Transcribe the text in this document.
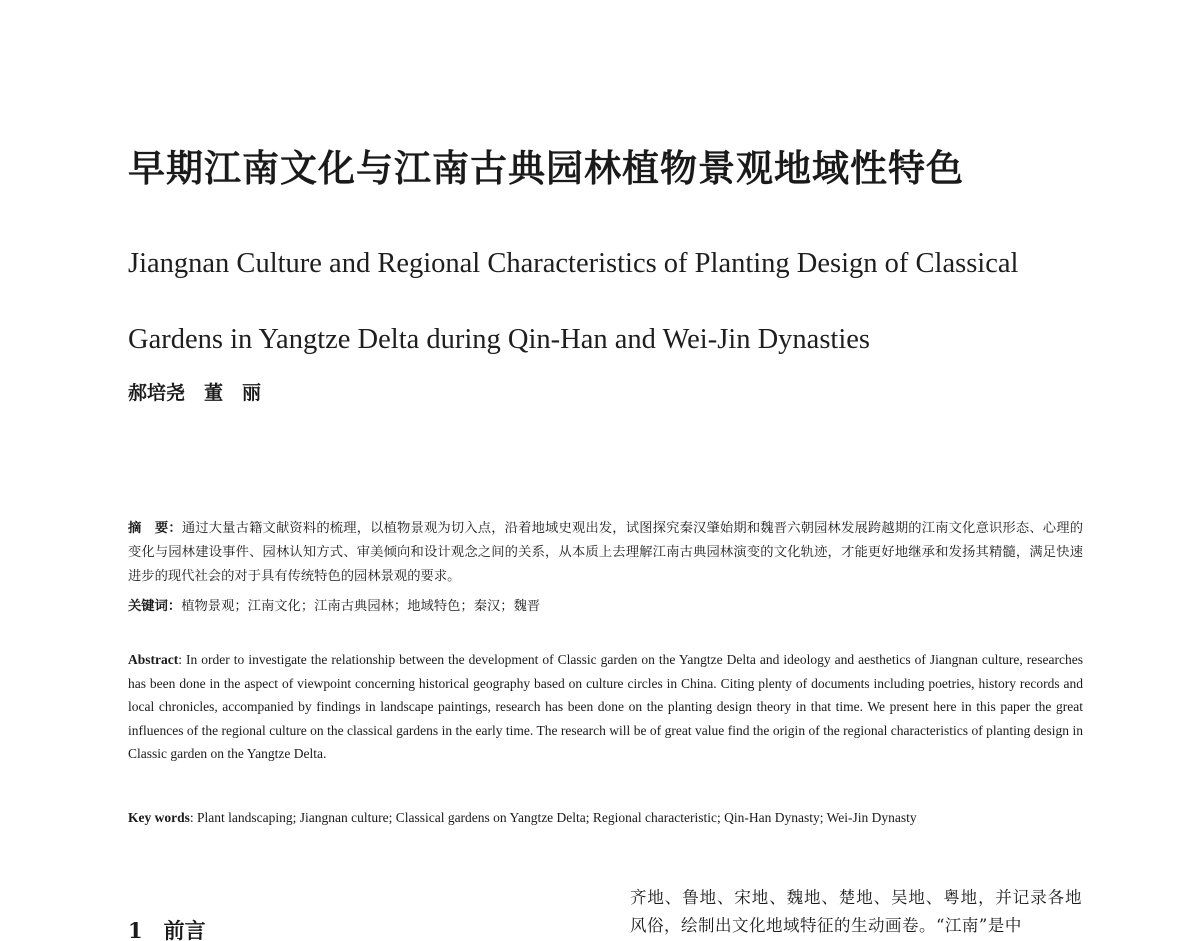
早期江南文化与江南古典园林植物景观地域性特色
Jiangnan Culture and Regional Characteristics of Planting Design of Classical Gardens in Yangtze Delta during Qin-Han and Wei-Jin Dynasties
郝培尧　董　丽
摘　要：通过大量古籍文献资料的梳理，以植物景观为切入点，沿着地域史观出发，试图探究秦汉肇始期和魏晋六朝园林发展跨越期的江南文化意识形态、心理的变化与园林建设事件、园林认知方式、审美倾向和设计观念之间的关系，从本质上去理解江南古典园林演变的文化轨迹，才能更好地继承和发扬其精髓，满足快速进步的现代社会的对于具有传统特色的园林景观的要求。
关键词：植物景观；江南文化；江南古典园林；地域特色；秦汉；魏晋
Abstract: In order to investigate the relationship between the development of Classic garden on the Yangtze Delta and ideology and aesthetics of Jiangnan culture, researches has been done in the aspect of viewpoint concerning historical geography based on culture circles in China. Citing plenty of documents including poetries, history records and local chronicles, accompanied by findings in landscape paintings, research has been done on the planting design theory in that time. We present here in this paper the great influences of the regional culture on the classical gardens in the early time. The research will be of great value find the origin of the regional characteristics of planting design in Classic garden on the Yangtze Delta.
Key words: Plant landscaping; Jiangnan culture; Classical gardens on Yangtze Delta; Regional characteristic; Qin-Han Dynasty; Wei-Jin Dynasty
1　前言
齐地、鲁地、宋地、魏地、楚地、吴地、粤地，并记录各地风俗，绘制出文化地域特征的生动画卷。“江南”是中
